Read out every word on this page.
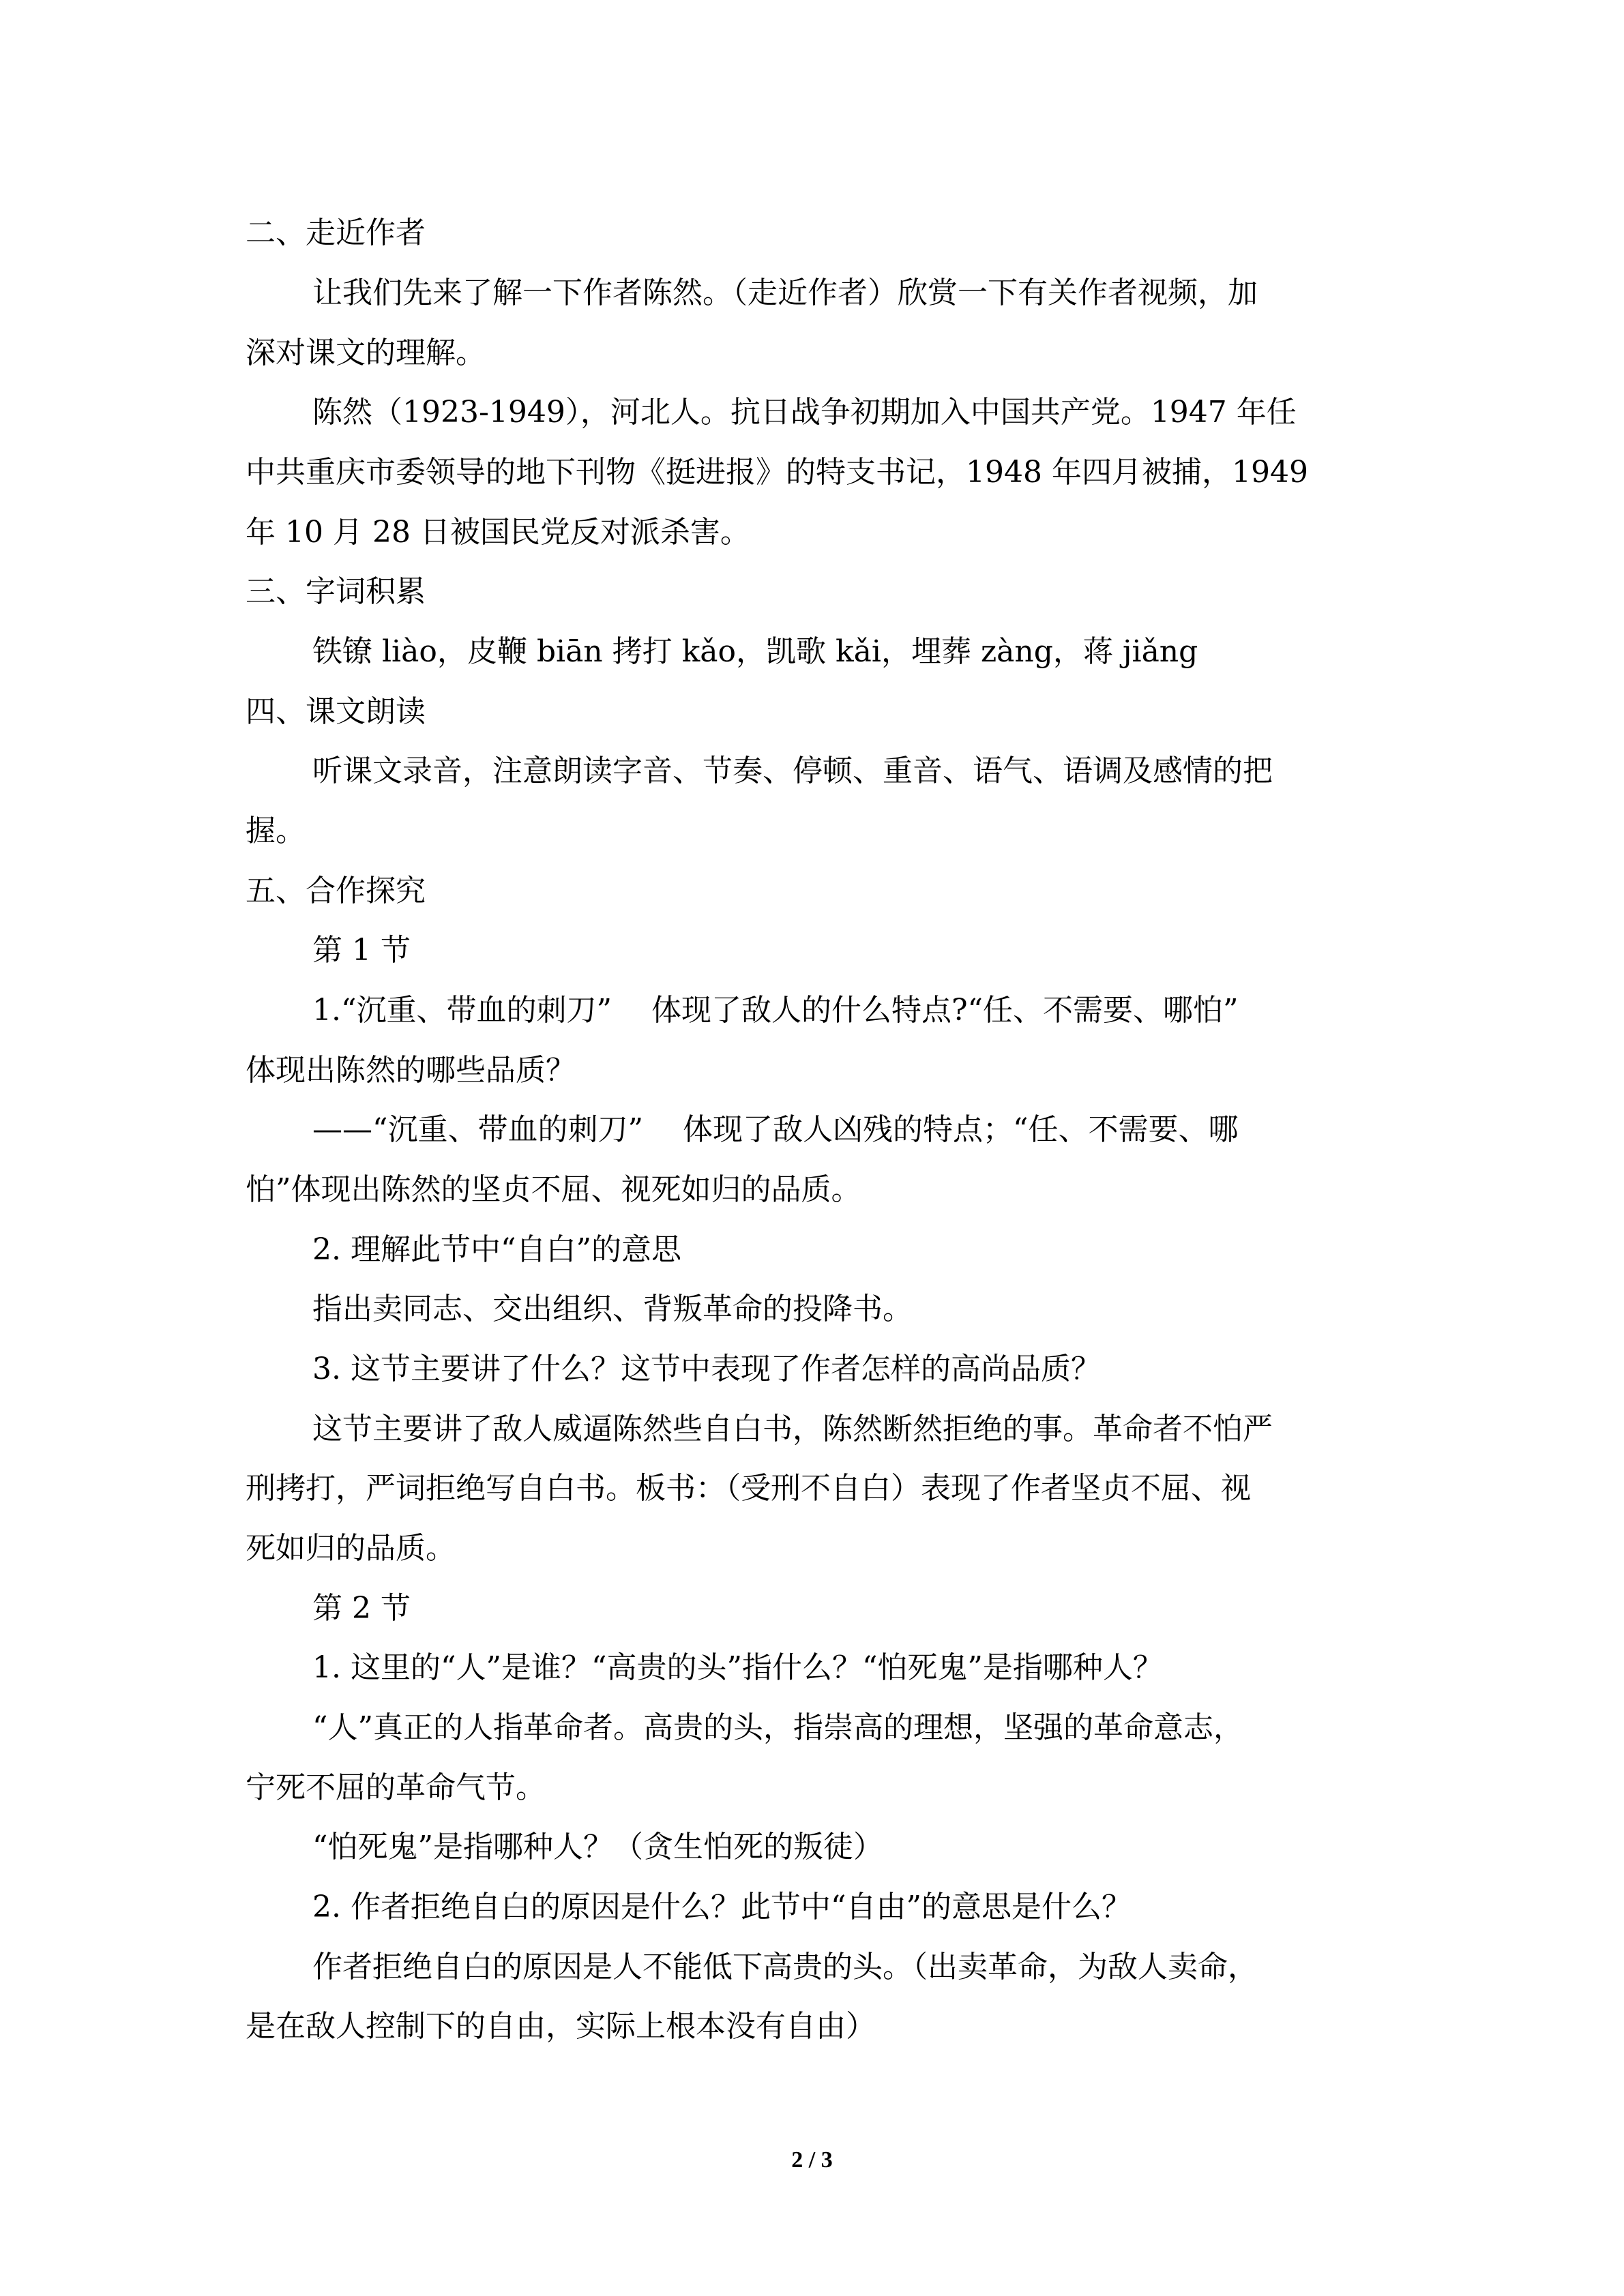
二、走近作者
让我们先来了解一下作者陈然。（走近作者）欣赏一下有关作者视频，加
深对课文的理解。
陈然（1923-1949），河北人。抗日战争初期加入中国共产党。1947 年任
中共重庆市委领导的地下刊物《挺进报》的特支书记，1948 年四月被捕，1949
年 10 月 28 日被国民党反对派杀害。
三、字词积累
铁镣 liào，皮鞭 biān 拷打 kǎo，凯歌 kǎi，埋葬 zàng，蒋 jiǎng
四、课文朗读
听课文录音，注意朗读字音、节奏、停顿、重音、语气、语调及感情的把
握。
五、合作探究
第 1 节
1.“沉重、带血的刺刀”　 体现了敌人的什么特点?“任、不需要、哪怕”
体现出陈然的哪些品质？
——“沉重、带血的刺刀”　 体现了敌人凶残的特点；“任、不需要、哪
怕”体现出陈然的坚贞不屈、视死如归的品质。
2. 理解此节中“自白”的意思
指出卖同志、交出组织、背叛革命的投降书。
3. 这节主要讲了什么？这节中表现了作者怎样的高尚品质？
这节主要讲了敌人威逼陈然些自白书，陈然断然拒绝的事。革命者不怕严
刑拷打，严词拒绝写自白书。板书：（受刑不自白）表现了作者坚贞不屈、视
死如归的品质。
第 2 节
1. 这里的“人”是谁？“高贵的头”指什么？“怕死鬼”是指哪种人？
“人”真正的人指革命者。高贵的头，指崇高的理想，坚强的革命意志，
宁死不屈的革命气节。
“怕死鬼”是指哪种人？（贪生怕死的叛徒）
2. 作者拒绝自白的原因是什么？此节中“自由”的意思是什么？
作者拒绝自白的原因是人不能低下高贵的头。（出卖革命，为敌人卖命，
是在敌人控制下的自由，实际上根本没有自由）
2 / 3
